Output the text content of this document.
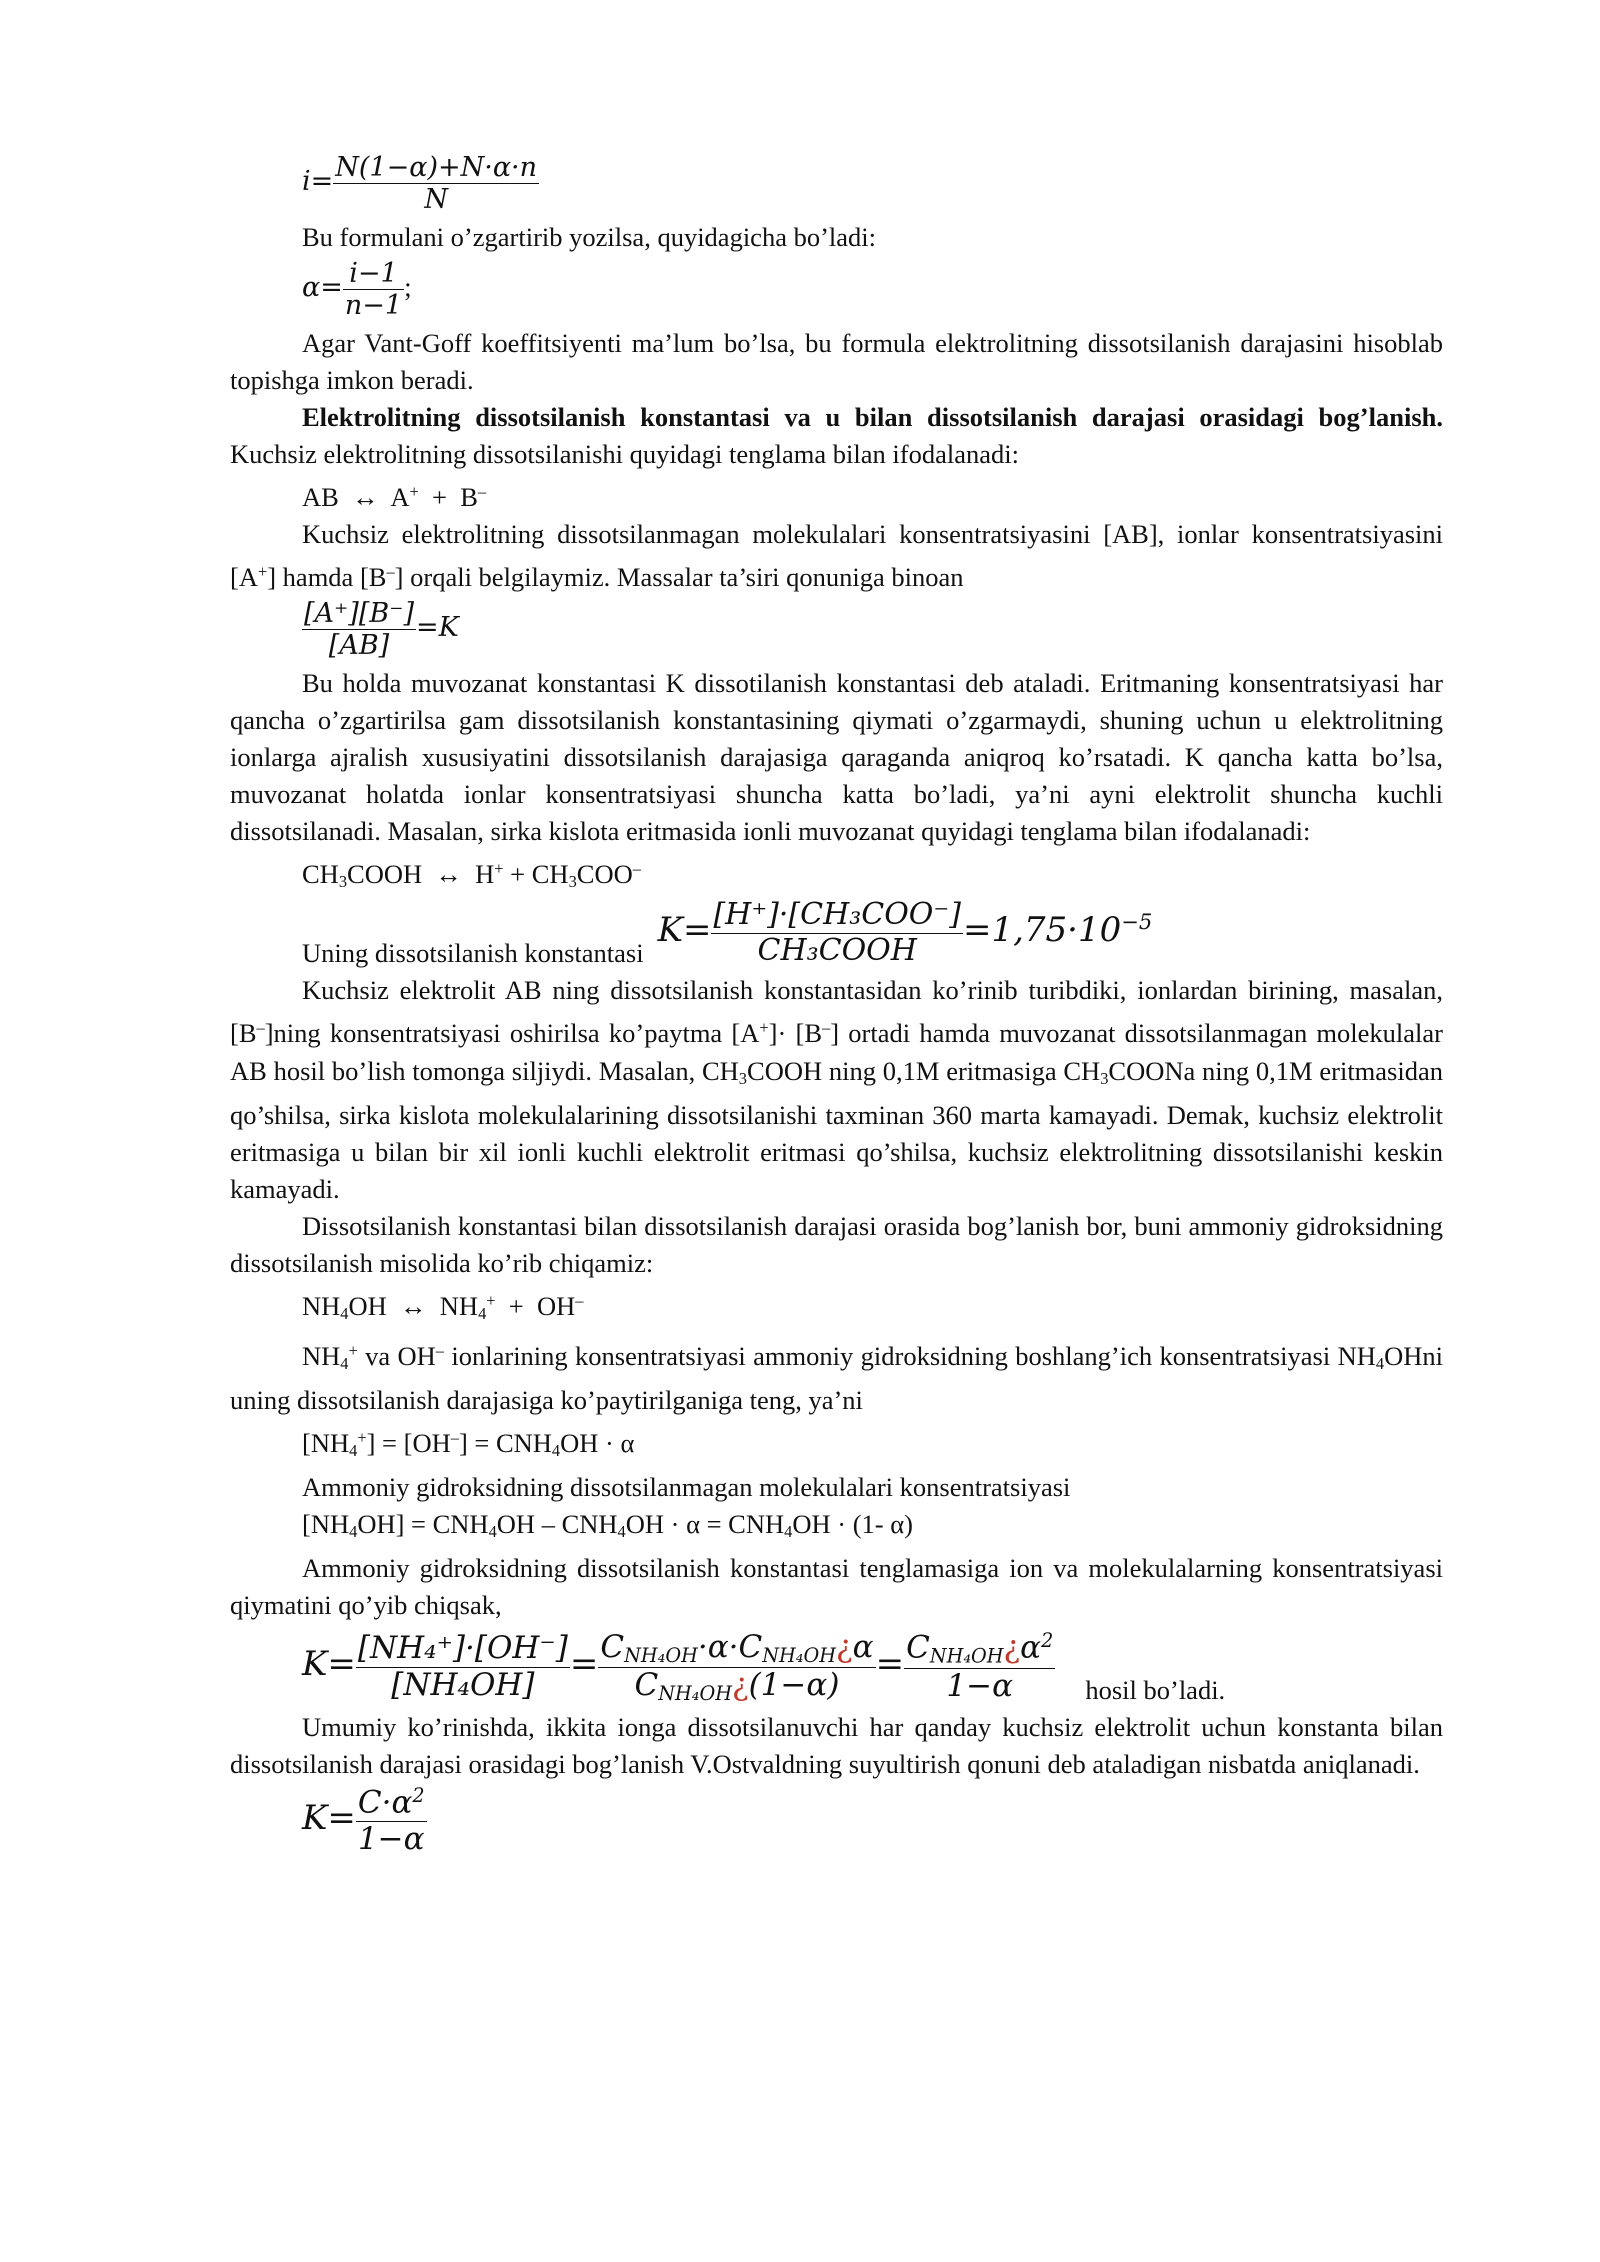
$i= \frac{N(1-\alpha)+N\cdot\alpha\cdot n}{N}$

Bu formulani o’zgartirib yozilsa, quyidagicha bo’ladi:

$\alpha= \frac{i-1}{n-1}$ ;

Agar Vant-Goff koeffitsiyenti ma’lum bo’lsa, bu formula elektrolitning dissotsilanish darajasini hisoblab topishga imkon beradi.

Elektrolitning dissotsilanish konstantasi va u bilan dissotsilanish darajasi orasidagi bog’lanish. Kuchsiz elektrolitning dissotsilanishi quyidagi tenglama bilan ifodalanadi:

AB ↔ A+ + B–

Kuchsiz elektrolitning dissotsilanmagan molekulalari konsentratsiyasini [AB], ionlar konsentratsiyasini [A+] hamda [B–] orqali belgilaymiz. Massalar ta’siri qonuniga binoan

$\frac{[A^+][B^-]}{[AB]} =K$

Bu holda muvozanat konstantasi K dissotilanish konstantasi deb ataladi. Eritmaning konsentratsiyasi har qancha o’zgartirilsa gam dissotsilanish konstantasining qiymati o’zgarmaydi, shuning uchun u elektrolitning ionlarga ajralish xususiyatini dissotsilanish darajasiga qaraganda aniqroq ko’rsatadi. K qancha katta bo’lsa, muvozanat holatda ionlar konsentratsiyasi shuncha katta bo’ladi, ya’ni ayni elektrolit shuncha kuchli dissotsilanadi. Masalan, sirka kislota eritmasida ionli muvozanat quyidagi tenglama bilan ifodalanadi:

$CH_3COOH$ ↔ $H^+ + CH_3COO^-$

Uning dissotsilanish konstantasi
$K= \frac{\text{[H⁺]·[CH₃COO⁻]}}{\text{CH₃COOH}} =1,75\cdot 10^{-5}$

Kuchsiz elektrolit AB ning dissotsilanish konstantasidan ko’rinib turibdiki, ionlardan birining, masalan, [B–]ning konsentratsiyasi oshirilsa ko’paytma [A+]· [B–] ortadi hamda muvozanat dissotsilanmagan molekulalar AB hosil bo’lish tomonga siljiydi. Masalan, $CH_3COOH$ ning 0,1M eritmasiga $CH_3COONa$ ning 0,1M eritmasidan qo’shilsa, sirka kislota molekulalarining dissotsilanishi taxminan 360 marta kamayadi. Demak, kuchsiz elektrolit eritmasiga u bilan bir xil ionli kuchli elektrolit eritmasi qo’shilsa, kuchsiz elektrolitning dissotsilanishi keskin kamayadi.

Dissotsilanish konstantasi bilan dissotsilanish darajasi orasida bog’lanish bor, buni ammoniy gidroksidning dissotsilanish misolida ko’rib chiqamiz:

$NH_4OH$ ↔ $NH_4^+ + OH^-$

$NH_4^+$ va OH– ionlarining konsentratsiyasi ammoniy gidroksidning boshlang’ich konsentratsiyasi $NH_4OHni$ uning dissotsilanish darajasiga ko’paytirilganiga teng, ya’ni

$[NH_4^+] = [OH^-] = CNH_4OH \cdot \alpha$

Ammoniy gidroksidning dissotsilanmagan molekulalari konsentratsiyasi

$[NH_4OH] = CNH_4OH - CNH_4OH \cdot \alpha = CNH_4OH \cdot (1-$ α)

Ammoniy gidroksidning dissotsilanish konstantasi tenglamasiga ion va molekulalarning konsentratsiyasi qiymatini qo’yib chiqsak,

$K= \frac{\text{[NH₄⁺]·[OH⁻]}}{\text{[NH₄OH]}} = \frac{C_{NH_4OH}\cdot\alpha\cdot C_{NH_4OH}¿\alpha}{C_{NH_4OH}¿(1-\alpha)} = \frac{C_{NH_4OH}¿\alpha^2}{1-\alpha}$ hosil bo’ladi.

Umumiy ko’rinishda, ikkita ionga dissotsilanuvchi har qanday kuchsiz elektrolit uchun konstanta bilan dissotsilanish darajasi orasidagi bog’lanish V.Ostvaldning suyultirish qonuni deb ataladigan nisbatda aniqlanadi.

$K= \frac{C\cdot\alpha^2}{1-\alpha}$
